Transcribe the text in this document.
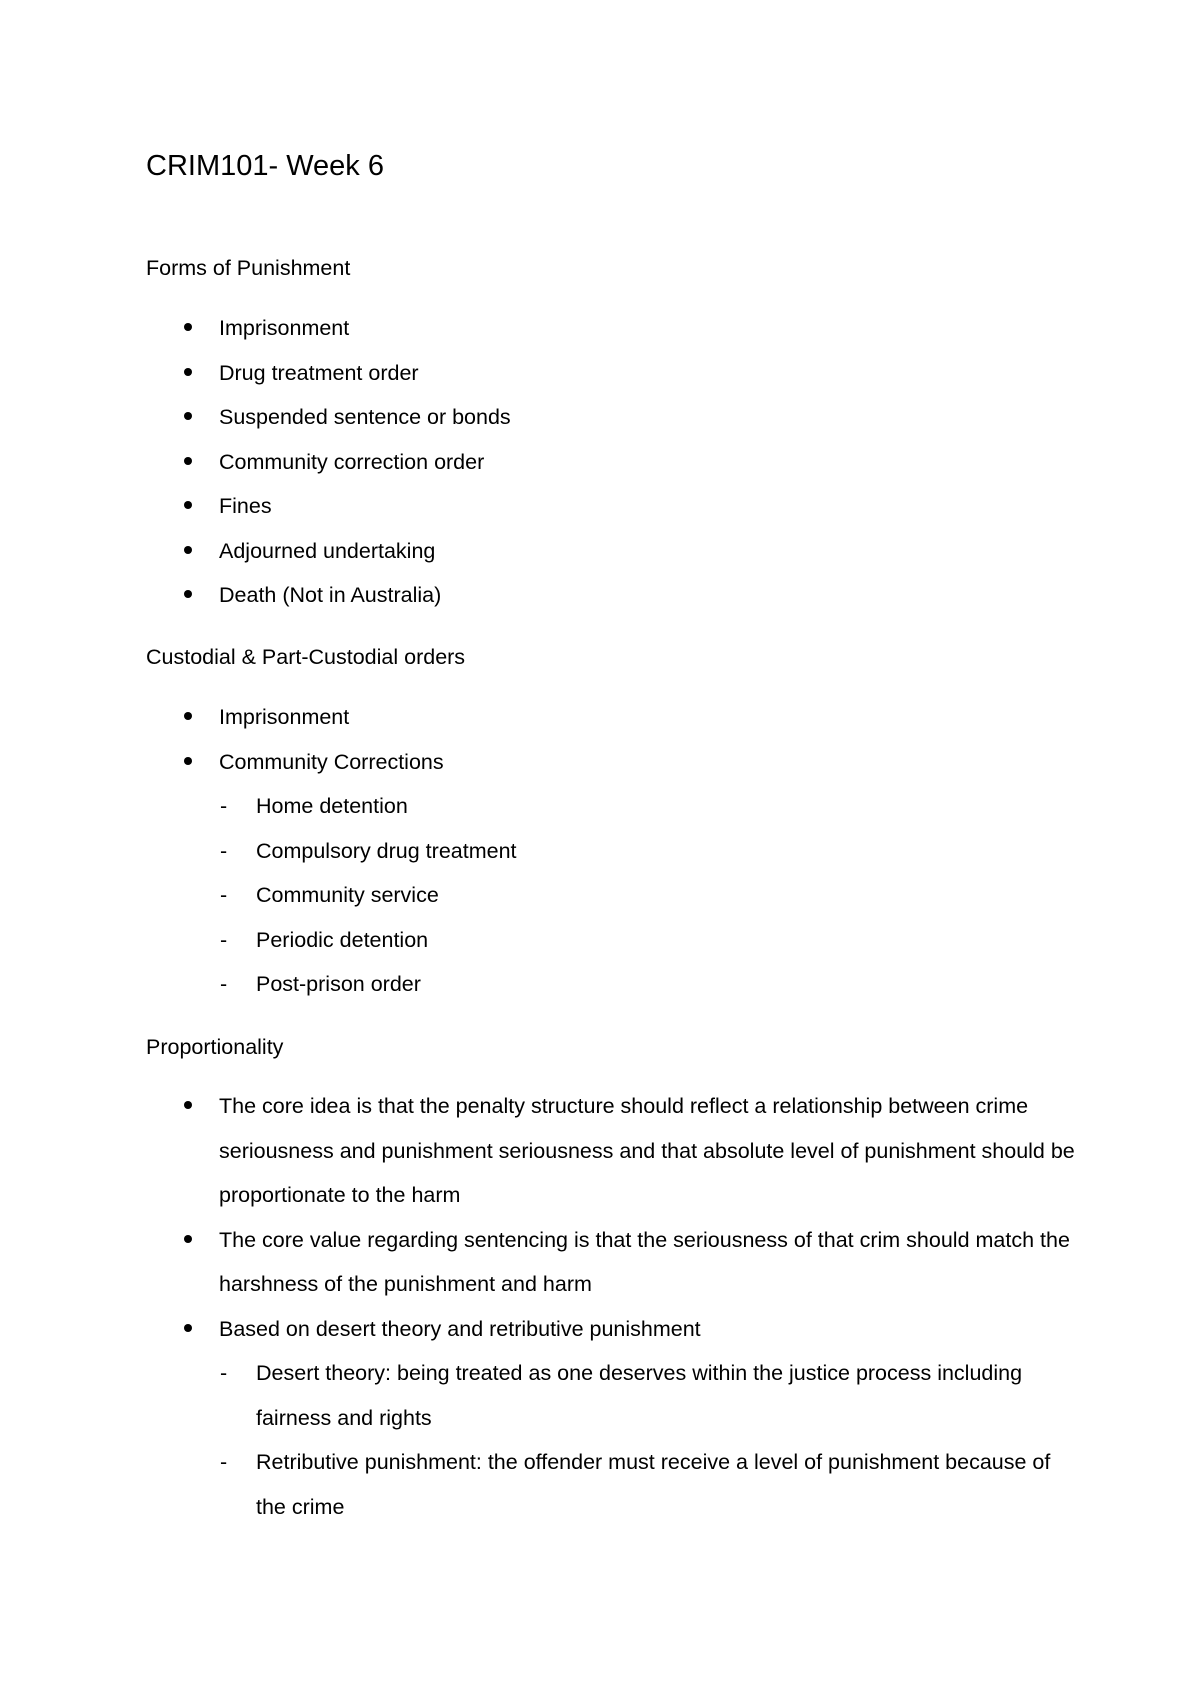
CRIM101- Week 6
Forms of Punishment
Imprisonment
Drug treatment order
Suspended sentence or bonds
Community correction order
Fines
Adjourned undertaking
Death (Not in Australia)
Custodial & Part-Custodial orders
Imprisonment
Community Corrections
- Home detention
- Compulsory drug treatment
- Community service
- Periodic detention
- Post-prison order
Proportionality
The core idea is that the penalty structure should reflect a relationship between crime seriousness and punishment seriousness and that absolute level of punishment should be proportionate to the harm
The core value regarding sentencing is that the seriousness of that crim should match the harshness of the punishment and harm
Based on desert theory and retributive punishment
- Desert theory: being treated as one deserves within the justice process including fairness and rights
- Retributive punishment: the offender must receive a level of punishment because of the crime
